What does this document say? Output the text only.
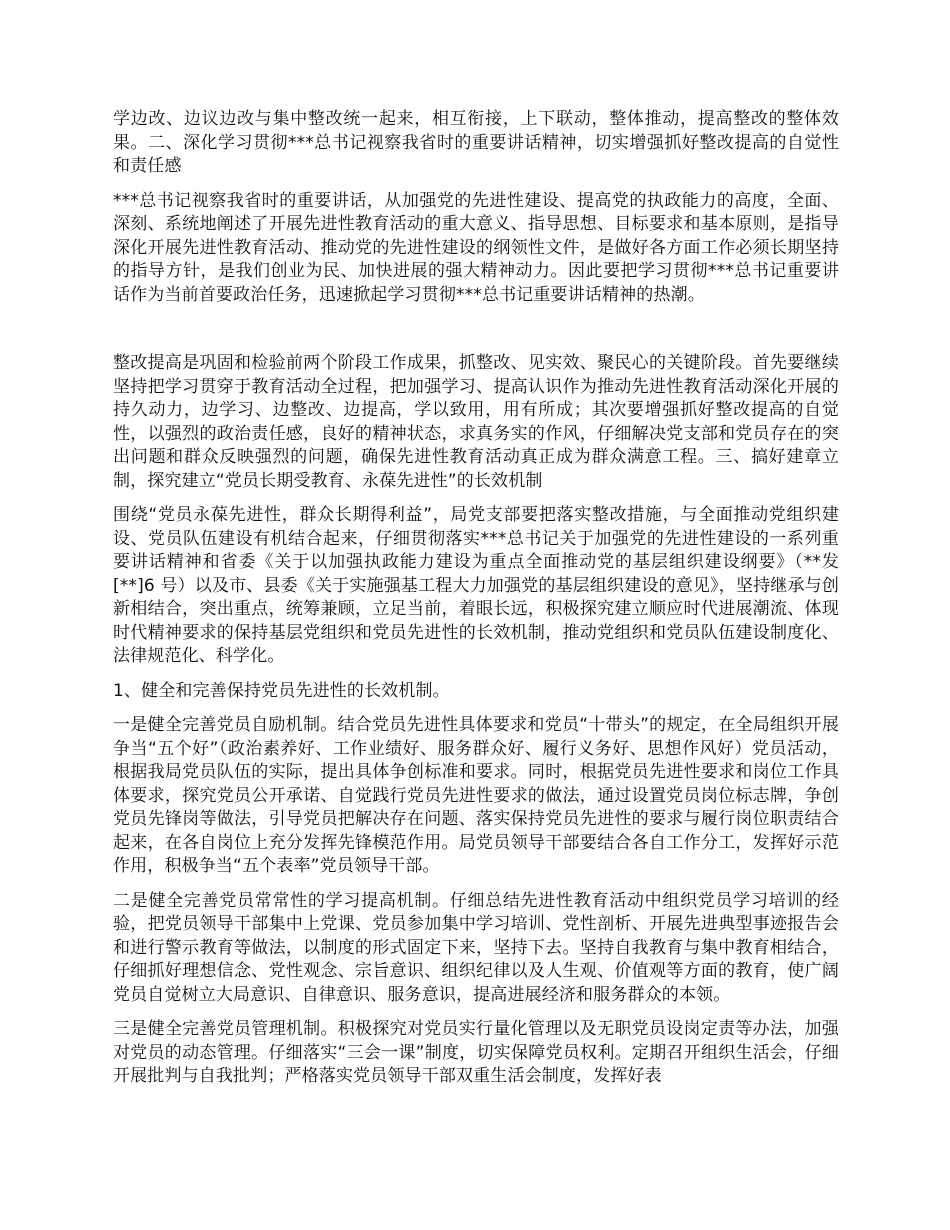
学边改、边议边改与集中整改统一起来，相互衔接，上下联动，整体推动，提高整改的整体效果。二、深化学习贯彻***总书记视察我省时的重要讲话精神，切实增强抓好整改提高的自觉性和责任感

***总书记视察我省时的重要讲话，从加强党的先进性建设、提高党的执政能力的高度，全面、深刻、系统地阐述了开展先进性教育活动的重大意义、指导思想、目标要求和基本原则，是指导深化开展先进性教育活动、推动党的先进性建设的纲领性文件，是做好各方面工作必须长期坚持的指导方针，是我们创业为民、加快进展的强大精神动力。因此要把学习贯彻***总书记重要讲话作为当前首要政治任务，迅速掀起学习贯彻***总书记重要讲话精神的热潮。

整改提高是巩固和检验前两个阶段工作成果，抓整改、见实效、聚民心的关键阶段。首先要继续坚持把学习贯穿于教育活动全过程，把加强学习、提高认识作为推动先进性教育活动深化开展的持久动力，边学习、边整改、边提高，学以致用，用有所成；其次要增强抓好整改提高的自觉性，以强烈的政治责任感，良好的精神状态，求真务实的作风，仔细解决党支部和党员存在的突出问题和群众反映强烈的问题，确保先进性教育活动真正成为群众满意工程。三、搞好建章立制，探究建立“党员长期受教育、永葆先进性”的长效机制

围绕“党员永葆先进性，群众长期得利益”，局党支部要把落实整改措施，与全面推动党组织建设、党员队伍建设有机结合起来，仔细贯彻落实***总书记关于加强党的先进性建设的一系列重要讲话精神和省委《关于以加强执政能力建设为重点全面推动党的基层组织建设纲要》（**发[**]6 号）以及市、县委《关于实施强基工程大力加强党的基层组织建设的意见》，坚持继承与创新相结合，突出重点，统筹兼顾，立足当前，着眼长远，积极探究建立顺应时代进展潮流、体现时代精神要求的保持基层党组织和党员先进性的长效机制，推动党组织和党员队伍建设制度化、法律规范化、科学化。

1、健全和完善保持党员先进性的长效机制。

一是健全完善党员自励机制。结合党员先进性具体要求和党员“十带头”的规定，在全局组织开展争当“五个好”（政治素养好、工作业绩好、服务群众好、履行义务好、思想作风好）党员活动，根据我局党员队伍的实际，提出具体争创标准和要求。同时，根据党员先进性要求和岗位工作具体要求，探究党员公开承诺、自觉践行党员先进性要求的做法，通过设置党员岗位标志牌，争创党员先锋岗等做法，引导党员把解决存在问题、落实保持党员先进性的要求与履行岗位职责结合起来，在各自岗位上充分发挥先锋模范作用。局党员领导干部要结合各自工作分工，发挥好示范作用，积极争当“五个表率”党员领导干部。

二是健全完善党员常常性的学习提高机制。仔细总结先进性教育活动中组织党员学习培训的经验，把党员领导干部集中上党课、党员参加集中学习培训、党性剖析、开展先进典型事迹报告会和进行警示教育等做法，以制度的形式固定下来，坚持下去。坚持自我教育与集中教育相结合，仔细抓好理想信念、党性观念、宗旨意识、组织纪律以及人生观、价值观等方面的教育，使广阔党员自觉树立大局意识、自律意识、服务意识，提高进展经济和服务群众的本领。

三是健全完善党员管理机制。积极探究对党员实行量化管理以及无职党员设岗定责等办法，加强对党员的动态管理。仔细落实“三会一课”制度，切实保障党员权利。定期召开组织生活会，仔细开展批判与自我批判；严格落实党员领导干部双重生活会制度，发挥好表
